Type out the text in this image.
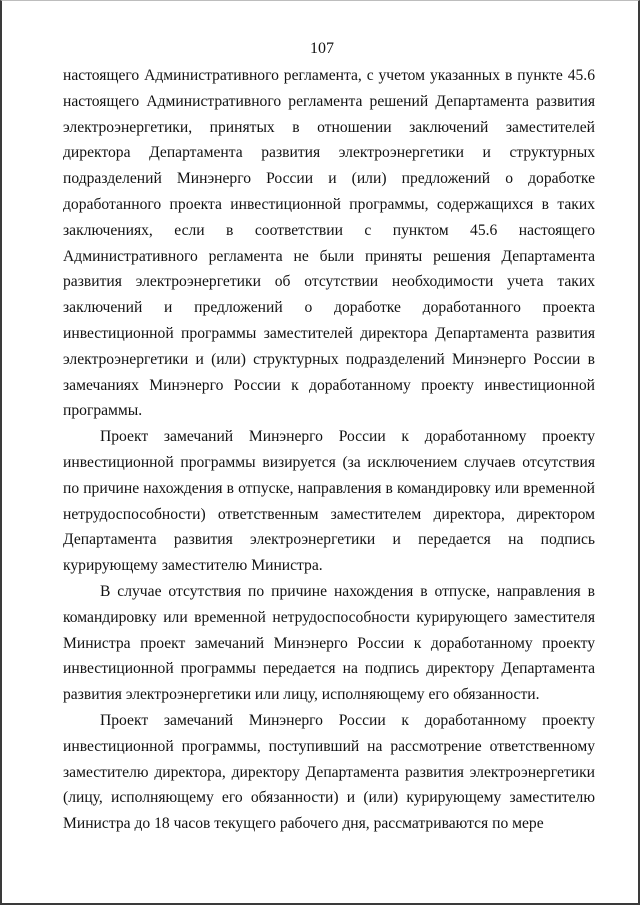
107

настоящего Административного регламента, с учетом указанных в пункте 45.6 настоящего Административного регламента решений Департамента развития электроэнергетики, принятых в отношении заключений заместителей директора Департамента развития электроэнергетики и структурных подразделений Минэнерго России и (или) предложений о доработке доработанного проекта инвестиционной программы, содержащихся в таких заключениях, если в соответствии с пунктом 45.6 настоящего Административного регламента не были приняты решения Департамента развития электроэнергетики об отсутствии необходимости учета таких заключений и предложений о доработке доработанного проекта инвестиционной программы заместителей директора Департамента развития электроэнергетики и (или) структурных подразделений Минэнерго России в замечаниях Минэнерго России к доработанному проекту инвестиционной программы.

Проект замечаний Минэнерго России к доработанному проекту инвестиционной программы визируется (за исключением случаев отсутствия по причине нахождения в отпуске, направления в командировку или временной нетрудоспособности) ответственным заместителем директора, директором Департамента развития электроэнергетики и передается на подпись курирующему заместителю Министра.

В случае отсутствия по причине нахождения в отпуске, направления в командировку или временной нетрудоспособности курирующего заместителя Министра проект замечаний Минэнерго России к доработанному проекту инвестиционной программы передается на подпись директору Департамента развития электроэнергетики или лицу, исполняющему его обязанности.

Проект замечаний Минэнерго России к доработанному проекту инвестиционной программы, поступивший на рассмотрение ответственному заместителю директора, директору Департамента развития электроэнергетики (лицу, исполняющему его обязанности) и (или) курирующему заместителю Министра до 18 часов текущего рабочего дня, рассматриваются по мере
